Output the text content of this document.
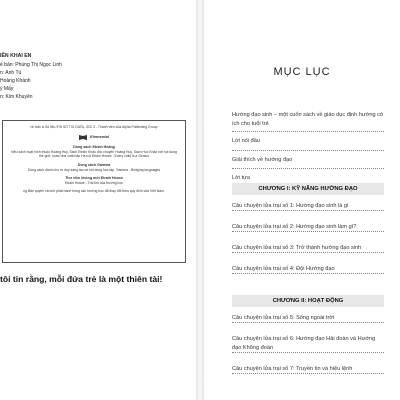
IÊN KHAI EN
ế bản: Phùng Thị Ngọc Linh
n: Anh Tú
Hoàng Khánh
ý Mấy
n: Kim Khuyên
nh bản & Số liệu 978 SỐ TIG DATA, JSC 3 - Thành viên của Alpha Publishing Group
Elemental
Dòng sách Etrain Hoàng
hiệu sách hoạt hình thuộc Hoàng Huy, Sách Etrain Khảo đọc chuyên Hoàng Huy, Sách Học Khảo với nội dung thế giới, hoàn nhà xuất bản Hà nội Etrain House - Every child is a Genius
Dòng sách Gamma
Dòng sách dành cho tư duy sáng tạo và nội dung học tập. Gamma - Bridging languages
Thư viện không mới Etrain House
Etrain House - Trái tim của trường học
ng Bản quyền và tính phát hành trong các trường học đã thay đổi theo quy định của Việt Nam.
tôi tin rằng, mỗi đứa trẻ là một thiên tài!
MỤC LỤC
Hướng đạo sinh – một cuốn sách về giáo dục định hướng có ích cho tuổi trẻ
Lời nói đầu
Giải thích về hướng đạo
Lời tựa
CHƯƠNG I: KỸ NĂNG HƯỚNG ĐẠO
Câu chuyện lửa trại số 1: Hướng đạo sinh là gì
Câu chuyện lửa trại số 2: Hướng đạo sinh làm gì?
Câu chuyện lửa trại số 3: Trở thành hướng đạo sinh
Câu chuyện lửa trại số 4: Đội Hướng đạo
CHƯƠNG II: HOẠT ĐỘNG
Câu chuyện lửa trại số 5: Sống ngoài trời
Câu chuyện lửa trại số 6: Hướng đạo Hải đoàn và Hướng đạo Không đoàn
Câu chuyện lửa trại số 7: Truyền tin và hiệu lệnh
